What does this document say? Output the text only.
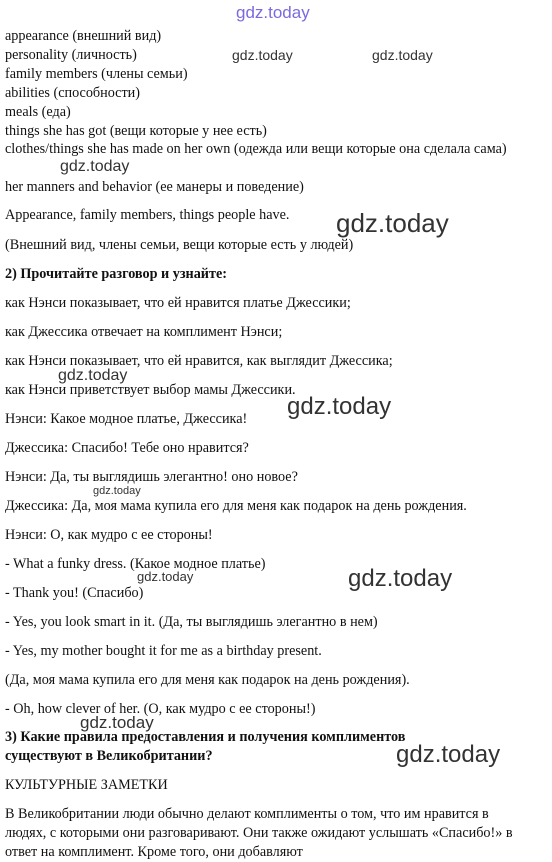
appearance (внешний вид)
personality (личность)
family members (члены семьи)
abilities (способности)
meals (еда)
things she has got (вещи которые у нее есть)
clothes/things she has made on her own (одежда или вещи которые она сделала сама)
her manners and behavior (ее манеры и поведение)
Appearance, family members, things people have.
(Внешний вид, члены семьи, вещи которые есть у людей)
2) Прочитайте разговор и узнайте:
как Нэнси показывает, что ей нравится платье Джессики;
как Джессика отвечает на комплимент Нэнси;
как Нэнси показывает, что ей нравится, как выглядит Джессика;
как Нэнси приветствует выбор мамы Джессики.
Нэнси: Какое модное платье, Джессика!
Джессика: Спасибо! Тебе оно нравится?
Нэнси: Да, ты выглядишь элегантно! оно новое?
Джессика: Да, моя мама купила его для меня как подарок на день рождения.
Нэнси: О, как мудро с ее стороны!
- What a funky dress. (Какое модное платье)
- Thank you! (Спасибо)
- Yes, you look smart in it. (Да, ты выглядишь элегантно в нем)
- Yes, my mother bought it for me as a birthday present.
(Да, моя мама купила его для меня как подарок на день рождения).
- Oh, how clever of her. (О, как мудро с ее стороны!)
3) Какие правила предоставления и получения комплиментов существуют в Великобритании?
КУЛЬТУРНЫЕ ЗАМЕТКИ
В Великобритании люди обычно делают комплименты о том, что им нравится в людях, с которыми они разговаривают. Они также ожидают услышать «Спасибо!» в ответ на комплимент. Кроме того, они добавляют
gdz.today
gdz.today	gdz.today
gdz.today
gdz.today
gdz.today
gdz.today
gdz.today
gdz.today
gdz.today
gdz.today
gdz.today
